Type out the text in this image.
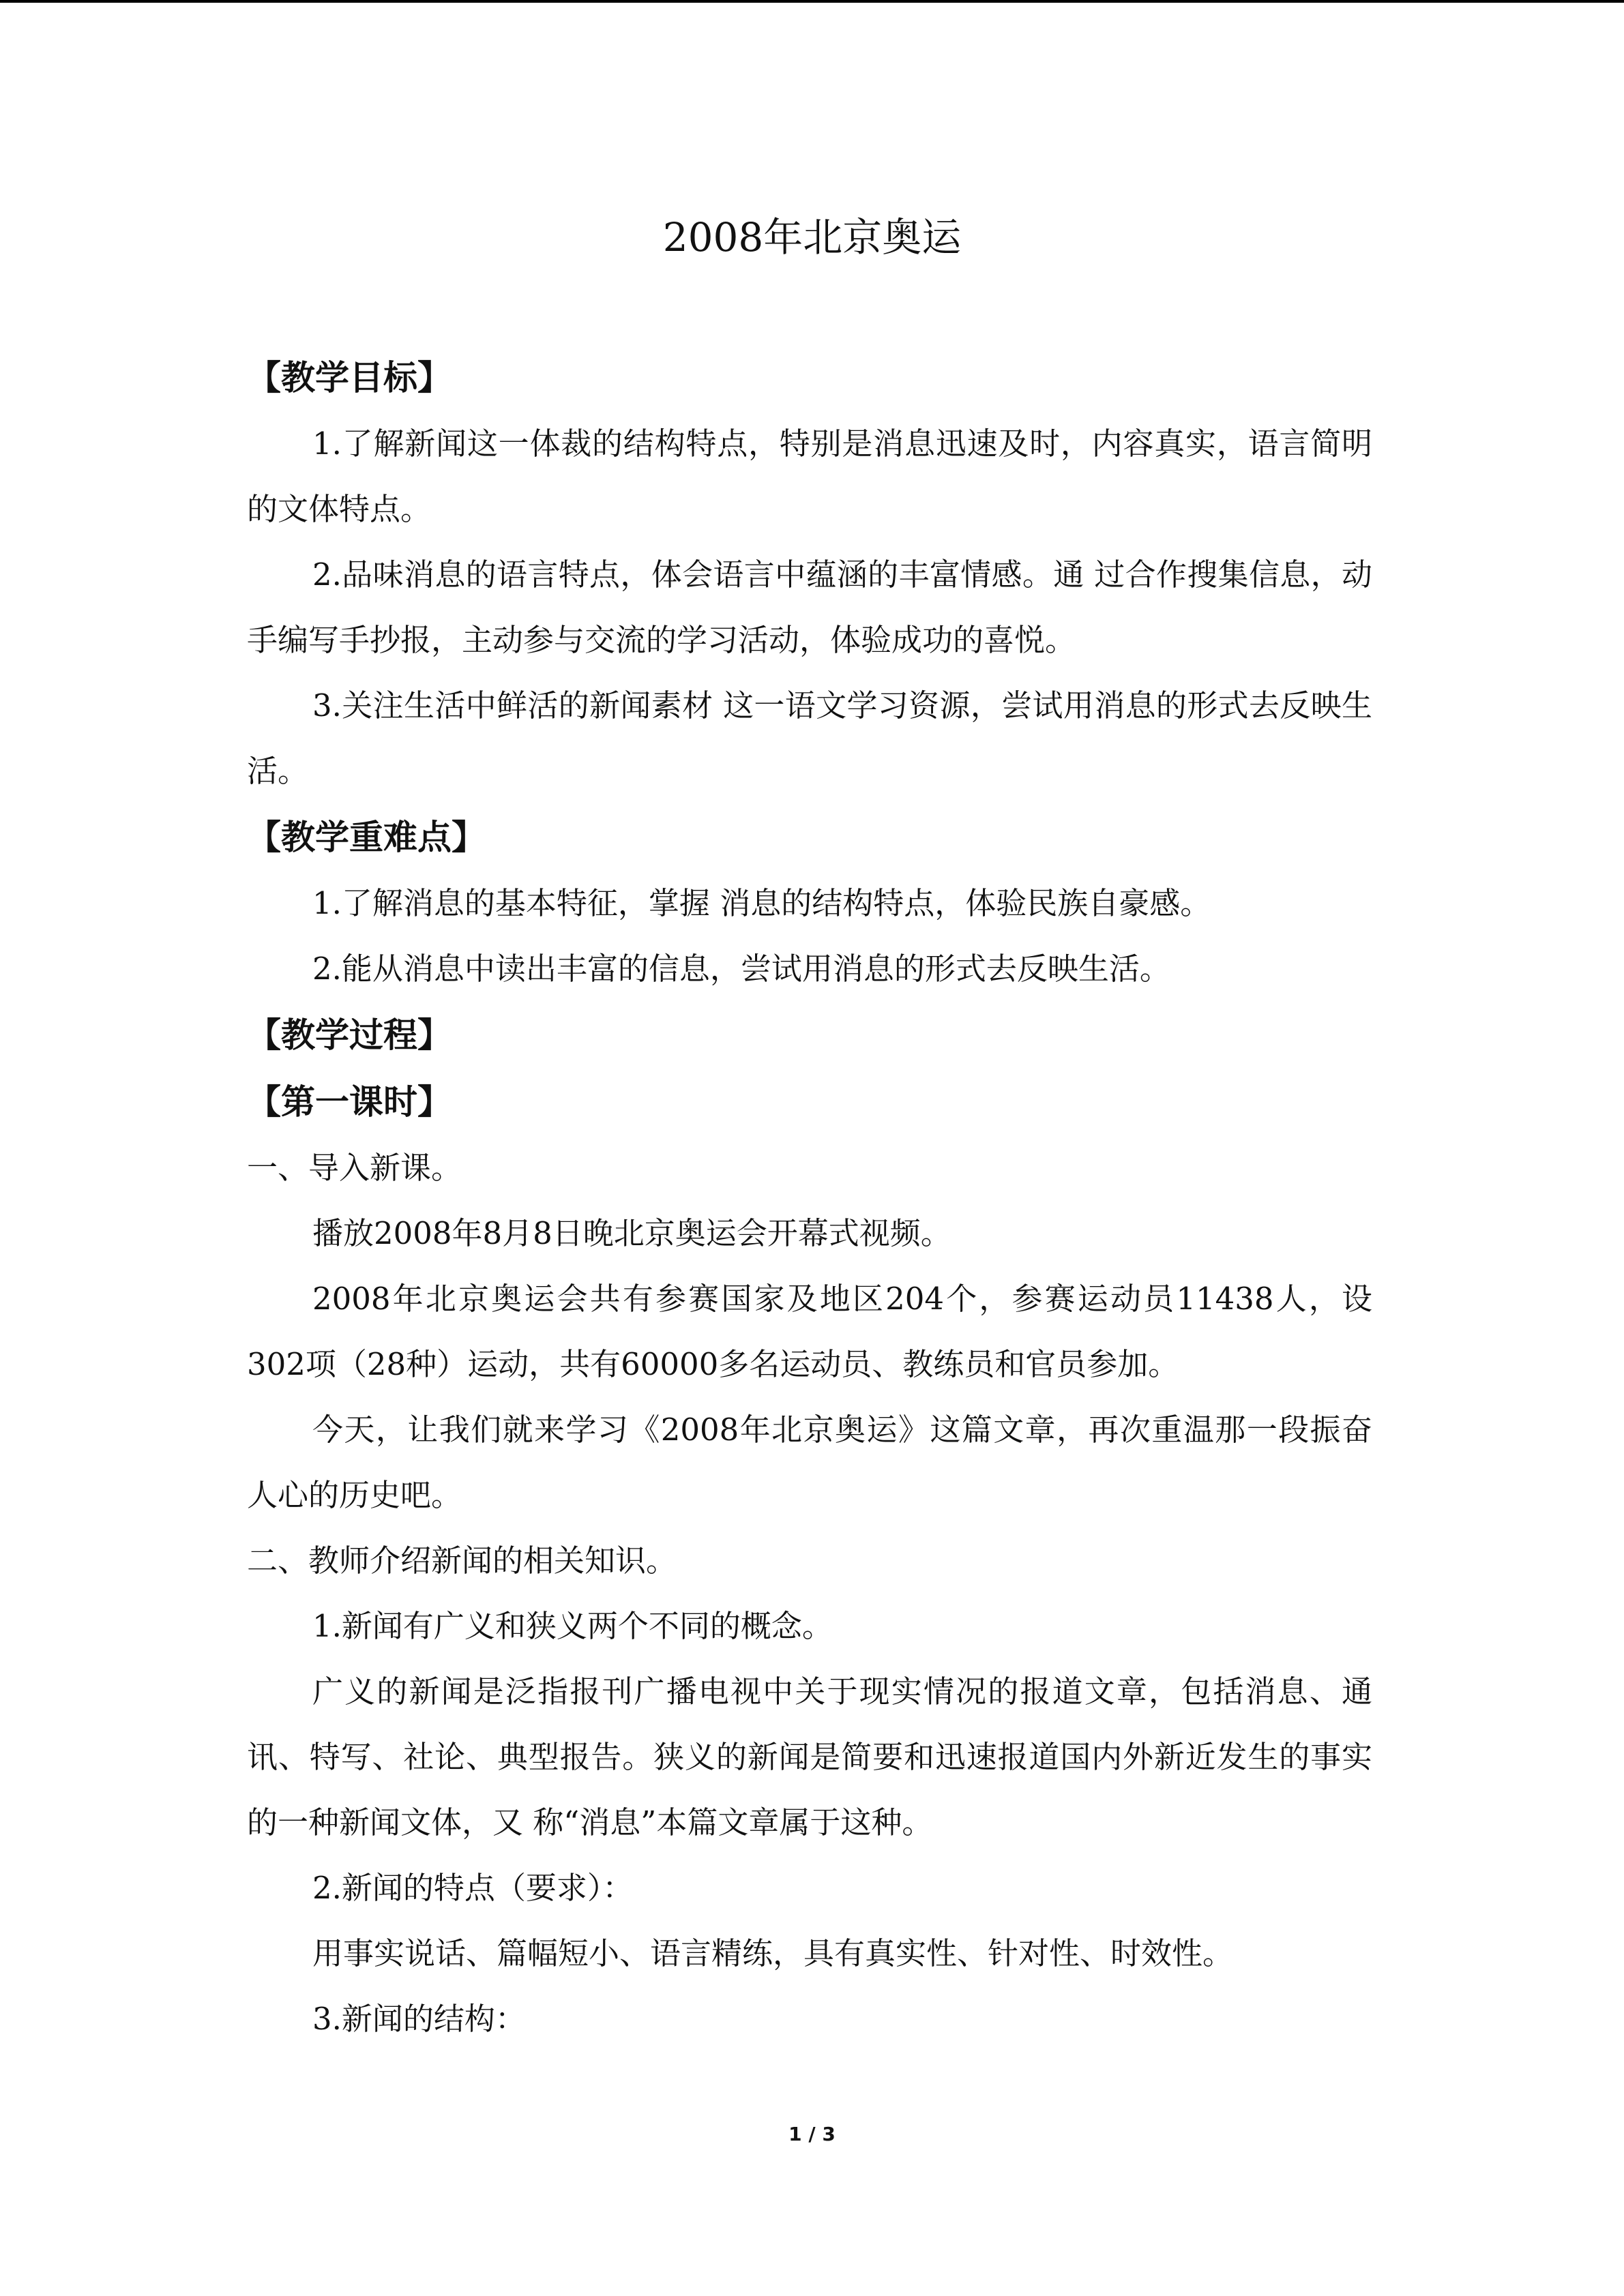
2008年北京奥运

【教学目标】

1.了解新闻这一体裁的结构特点，特别是消息迅速及时，内容真实，语言简明的文体特点。

2.品味消息的语言特点，体会语言中蕴涵的丰富情感。通 过合作搜集信息，动手编写手抄报，主动参与交流的学习活动，体验成功的喜悦。

3.关注生活中鲜活的新闻素材 这一语文学习资源，尝试用消息的形式去反映生活。

【教学重难点】

1.了解消息的基本特征，掌握 消息的结构特点，体验民族自豪感。

2.能从消息中读出丰富的信息，尝试用消息的形式去反映生活。

【教学过程】

【第一课时】

一、导入新课。

播放2008年8月8日晚北京奥运会开幕式视频。

2008年北京奥运会共有参赛国家及地区204个，参赛运动员11438人，设302项（28种）运动，共有60000多名运动员、教练员和官员参加。

今天，让我们就来学习《2008年北京奥运》这篇文章，再次重温那一段振奋人心的历史吧。

二、教师介绍新闻的相关知识。

1.新闻有广义和狭义两个不同的概念。

广义的新闻是泛指报刊广播电视中关于现实情况的报道文章，包括消息、通讯、特写、社论、典型报告。狭义的新闻是简要和迅速报道国内外新近发生的事实的一种新闻文体，又 称“消息”本篇文章属于这种。

2.新闻的特点（要求）：

用事实说话、篇幅短小、语言精练，具有真实性、针对性、时效性。

3.新闻的结构：

1 / 3
